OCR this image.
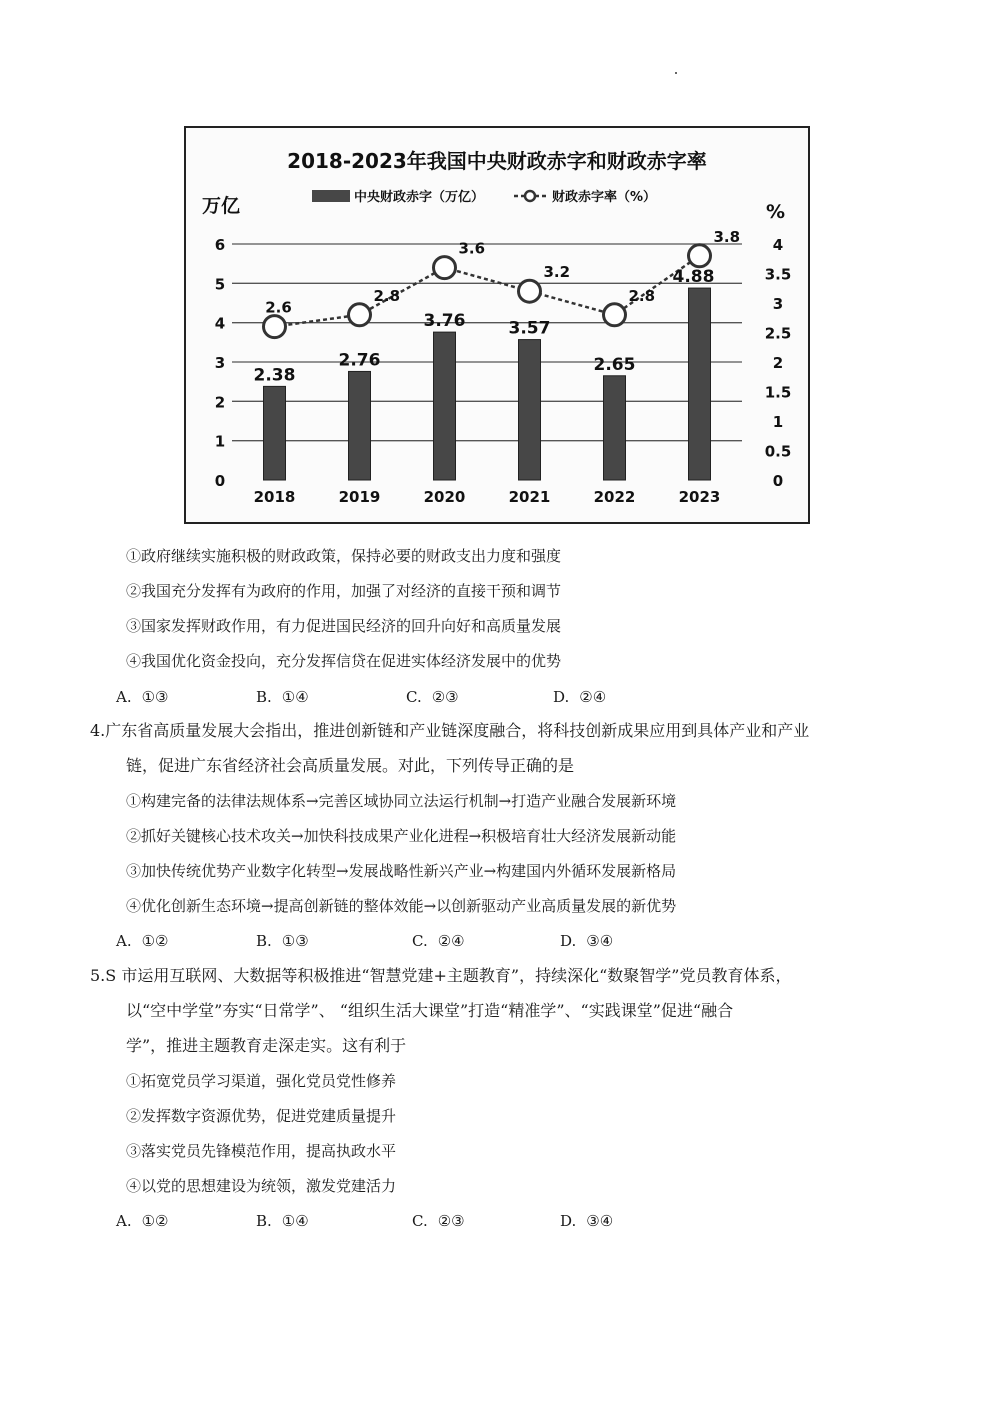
2018-2023年我国中央财政赤字和财政赤字率
中央财政赤字（万亿）	财政赤字率（%）
万亿	%
0
1
2
3
4
5
6
0
0.5
1
1.5
2
2.5
3
3.5
4
2.38
2.76
3.76	3.57
2.65
4.88
2.6
2.8
3.6
3.2
2.8
3.8
2018	2019	2020	2021	2022	2023
①政府继续实施积极的财政政策，保持必要的财政支出力度和强度
②我国充分发挥有为政府的作用，加强了对经济的直接干预和调节
③国家发挥财政作用，有力促进国民经济的回升向好和高质量发展
④我国优化资金投向，充分发挥信贷在促进实体经济发展中的优势
A. ①③	B. ①④	C. ②③	D. ②④
4.广东省高质量发展大会指出，推进创新链和产业链深度融合，将科技创新成果应用到具体产业和产业
链，促进广东省经济社会高质量发展。对此，下列传导正确的是
①构建完备的法律法规体系→完善区域协同立法运行机制→打造产业融合发展新环境
②抓好关键核心技术攻关→加快科技成果产业化进程→积极培育壮大经济发展新动能
③加快传统优势产业数字化转型→发展战略性新兴产业→构建国内外循环发展新格局
④优化创新生态环境→提高创新链的整体效能→以创新驱动产业高质量发展的新优势
A. ①②	B. ①③	C. ②④	D. ③④
5.S 市运用互联网、大数据等积极推进“智慧党建+主题教育”，持续深化“数聚智学”党员教育体系，
以“空中学堂”夯实“日常学”、 “组织生活大课堂”打造“精准学”、“实践课堂”促进“融合
学”，推进主题教育走深走实。这有利于
①拓宽党员学习渠道，强化党员党性修养
②发挥数字资源优势，促进党建质量提升
③落实党员先锋模范作用，提高执政水平
④以党的思想建设为统领，激发党建活力
A. ①②	B. ①④	C. ②③	D. ③④
